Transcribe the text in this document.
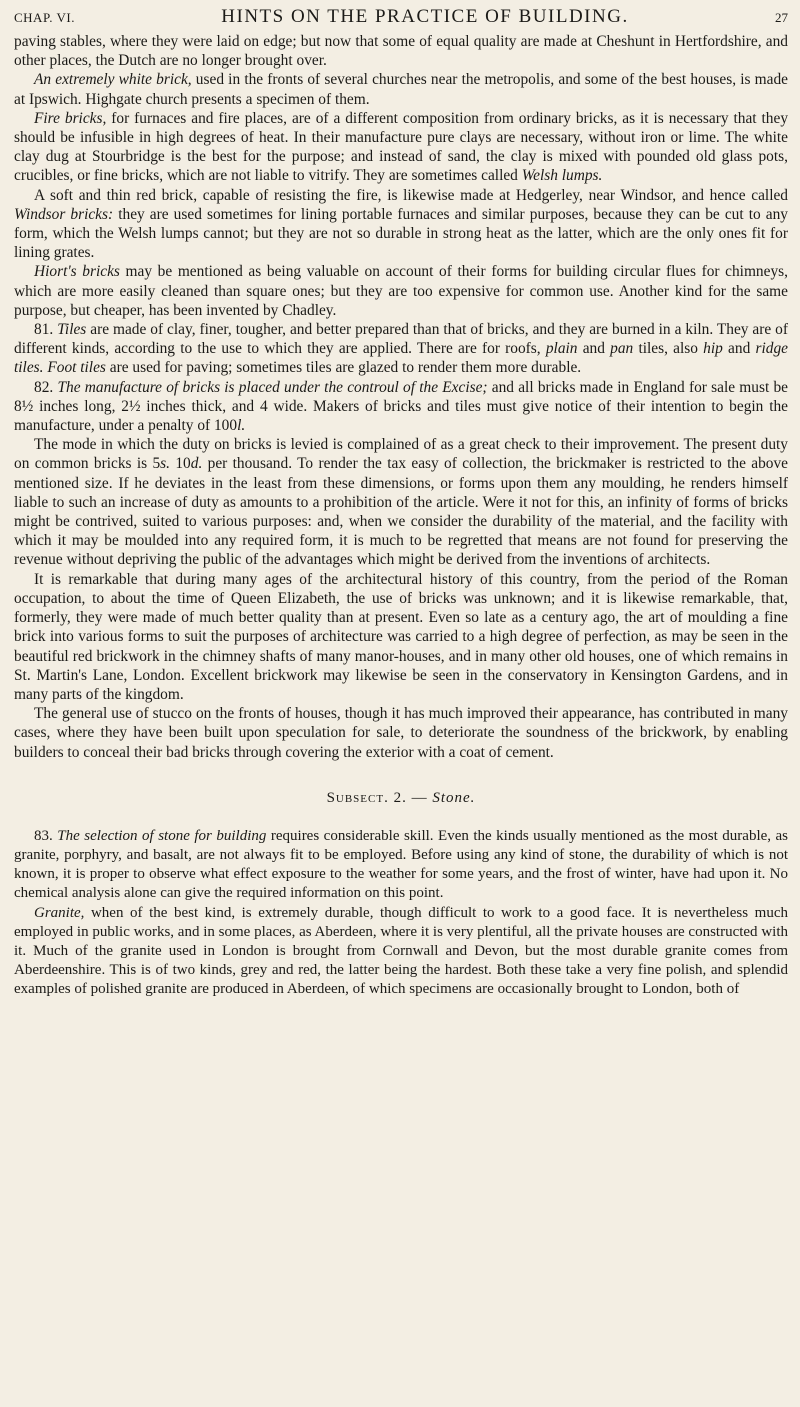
CHAP. VI.	HINTS ON THE PRACTICE OF BUILDING.	27

paving stables, where they were laid on edge; but now that some of equal quality are made at Cheshunt in Hertfordshire, and other places, the Dutch are no longer brought over.

An extremely white brick, used in the fronts of several churches near the metropolis, and some of the best houses, is made at Ipswich. Highgate church presents a specimen of them.

Fire bricks, for furnaces and fire places, are of a different composition from ordinary bricks, as it is necessary that they should be infusible in high degrees of heat. In their manufacture pure clays are necessary, without iron or lime. The white clay dug at Stourbridge is the best for the purpose; and instead of sand, the clay is mixed with pounded old glass pots, crucibles, or fine bricks, which are not liable to vitrify. They are sometimes called Welsh lumps.

A soft and thin red brick, capable of resisting the fire, is likewise made at Hedgerley, near Windsor, and hence called Windsor bricks: they are used sometimes for lining portable furnaces and similar purposes, because they can be cut to any form, which the Welsh lumps cannot; but they are not so durable in strong heat as the latter, which are the only ones fit for lining grates.

Hiort's bricks may be mentioned as being valuable on account of their forms for building circular flues for chimneys, which are more easily cleaned than square ones; but they are too expensive for common use. Another kind for the same purpose, but cheaper, has been invented by Chadley.

81. Tiles are made of clay, finer, tougher, and better prepared than that of bricks, and they are burned in a kiln. They are of different kinds, according to the use to which they are applied. There are for roofs, plain and pan tiles, also hip and ridge tiles. Foot tiles are used for paving; sometimes tiles are glazed to render them more durable.

82. The manufacture of bricks is placed under the controul of the Excise; and all bricks made in England for sale must be 8½ inches long, 2½ inches thick, and 4 wide. Makers of bricks and tiles must give notice of their intention to begin the manufacture, under a penalty of 100l.

The mode in which the duty on bricks is levied is complained of as a great check to their improvement. The present duty on common bricks is 5s. 10d. per thousand. To render the tax easy of collection, the brickmaker is restricted to the above mentioned size. If he deviates in the least from these dimensions, or forms upon them any moulding, he renders himself liable to such an increase of duty as amounts to a prohibition of the article. Were it not for this, an infinity of forms of bricks might be contrived, suited to various purposes: and, when we consider the durability of the material, and the facility with which it may be moulded into any required form, it is much to be regretted that means are not found for preserving the revenue without depriving the public of the advantages which might be derived from the inventions of architects.

It is remarkable that during many ages of the architectural history of this country, from the period of the Roman occupation, to about the time of Queen Elizabeth, the use of bricks was unknown; and it is likewise remarkable, that, formerly, they were made of much better quality than at present. Even so late as a century ago, the art of moulding a fine brick into various forms to suit the purposes of architecture was carried to a high degree of perfection, as may be seen in the beautiful red brickwork in the chimney shafts of many manor-houses, and in many other old houses, one of which remains in St. Martin's Lane, London. Excellent brickwork may likewise be seen in the conservatory in Kensington Gardens, and in many parts of the kingdom.

The general use of stucco on the fronts of houses, though it has much improved their appearance, has contributed in many cases, where they have been built upon speculation for sale, to deteriorate the soundness of the brickwork, by enabling builders to conceal their bad bricks through covering the exterior with a coat of cement.

Subsect. 2. — Stone.

83. The selection of stone for building requires considerable skill. Even the kinds usually mentioned as the most durable, as granite, porphyry, and basalt, are not always fit to be employed. Before using any kind of stone, the durability of which is not known, it is proper to observe what effect exposure to the weather for some years, and the frost of winter, have had upon it. No chemical analysis alone can give the required information on this point.

Granite, when of the best kind, is extremely durable, though difficult to work to a good face. It is nevertheless much employed in public works, and in some places, as Aberdeen, where it is very plentiful, all the private houses are constructed with it. Much of the granite used in London is brought from Cornwall and Devon, but the most durable granite comes from Aberdeenshire. This is of two kinds, grey and red, the latter being the hardest. Both these take a very fine polish, and splendid examples of polished granite are produced in Aberdeen, of which specimens are occasionally brought to London, both of
